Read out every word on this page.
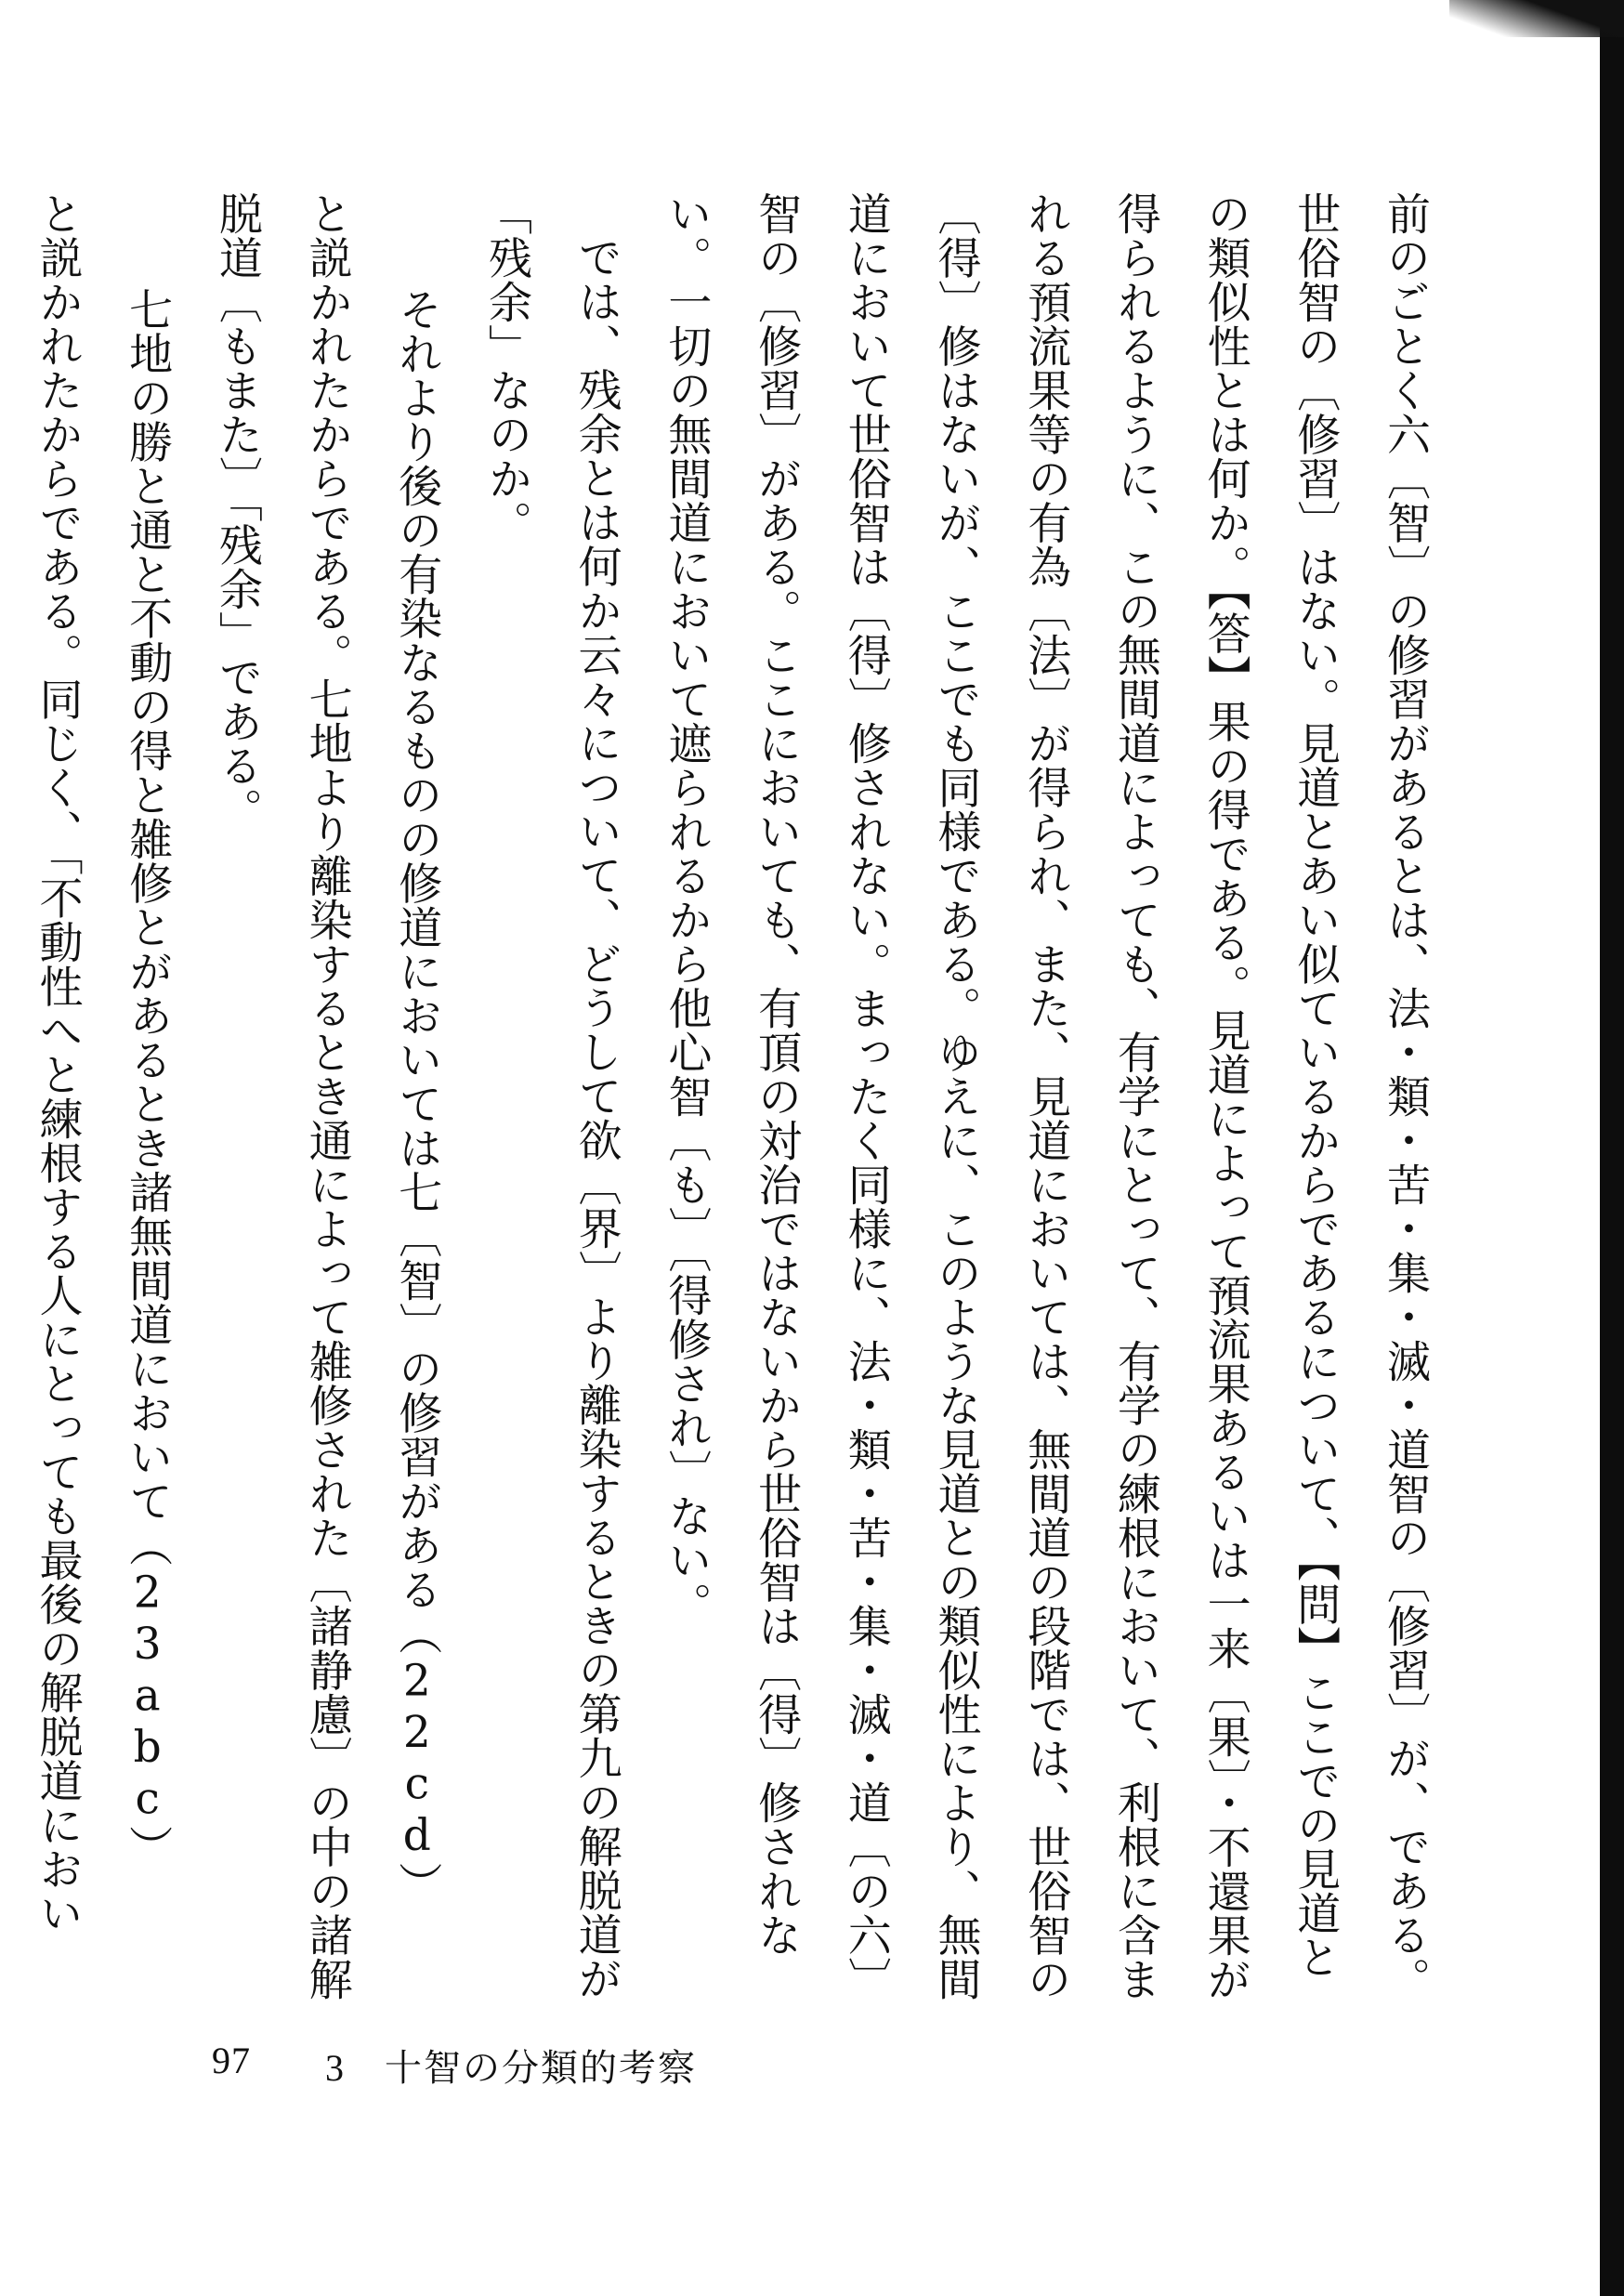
前のごとく六〔智〕の修習があるとは、法・類・苦・集・滅・道智の〔修習〕が、である。世俗智の〔修習〕はない。見道とあい似ているからであるについて、【問】ここでの見道との類似性とは何か。【答】果の得である。見道によって預流果あるいは一来〔果〕・不還果が得られるように、この無間道によっても、有学にとって、有学の練根において、利根に含まれる預流果等の有為〔法〕が得られ、また、見道においては、無間道の段階では、世俗智の〔得〕修はないが、ここでも同様である。ゆえに、このような見道との類似性により、無間道において世俗智は〔得〕修されない。まったく同様に、法・類・苦・集・滅・道〔の六〕智の〔修習〕がある。ここにおいても、有頂の対治ではないから世俗智は〔得〕修されない。一切の無間道において遮られるから他心智〔も〕〔得修され〕ない。

では、残余とは何か云々について、どうして欲〔界〕より離染するときの第九の解脱道が「残余」なのか。

それより後の有染なるものの修道においては七〔智〕の修習がある（22cd）

と説かれたからである。七地より離染するとき通によって雑修された〔諸静慮〕の中の諸解脱道〔もまた〕「残余」である。

七地の勝と通と不動の得と雑修とがあるとき諸無間道において（23abc）

と説かれたからである。同じく、「不動性へと練根する人にとっても最後の解脱道におい

97 3　十智の分類的考察
